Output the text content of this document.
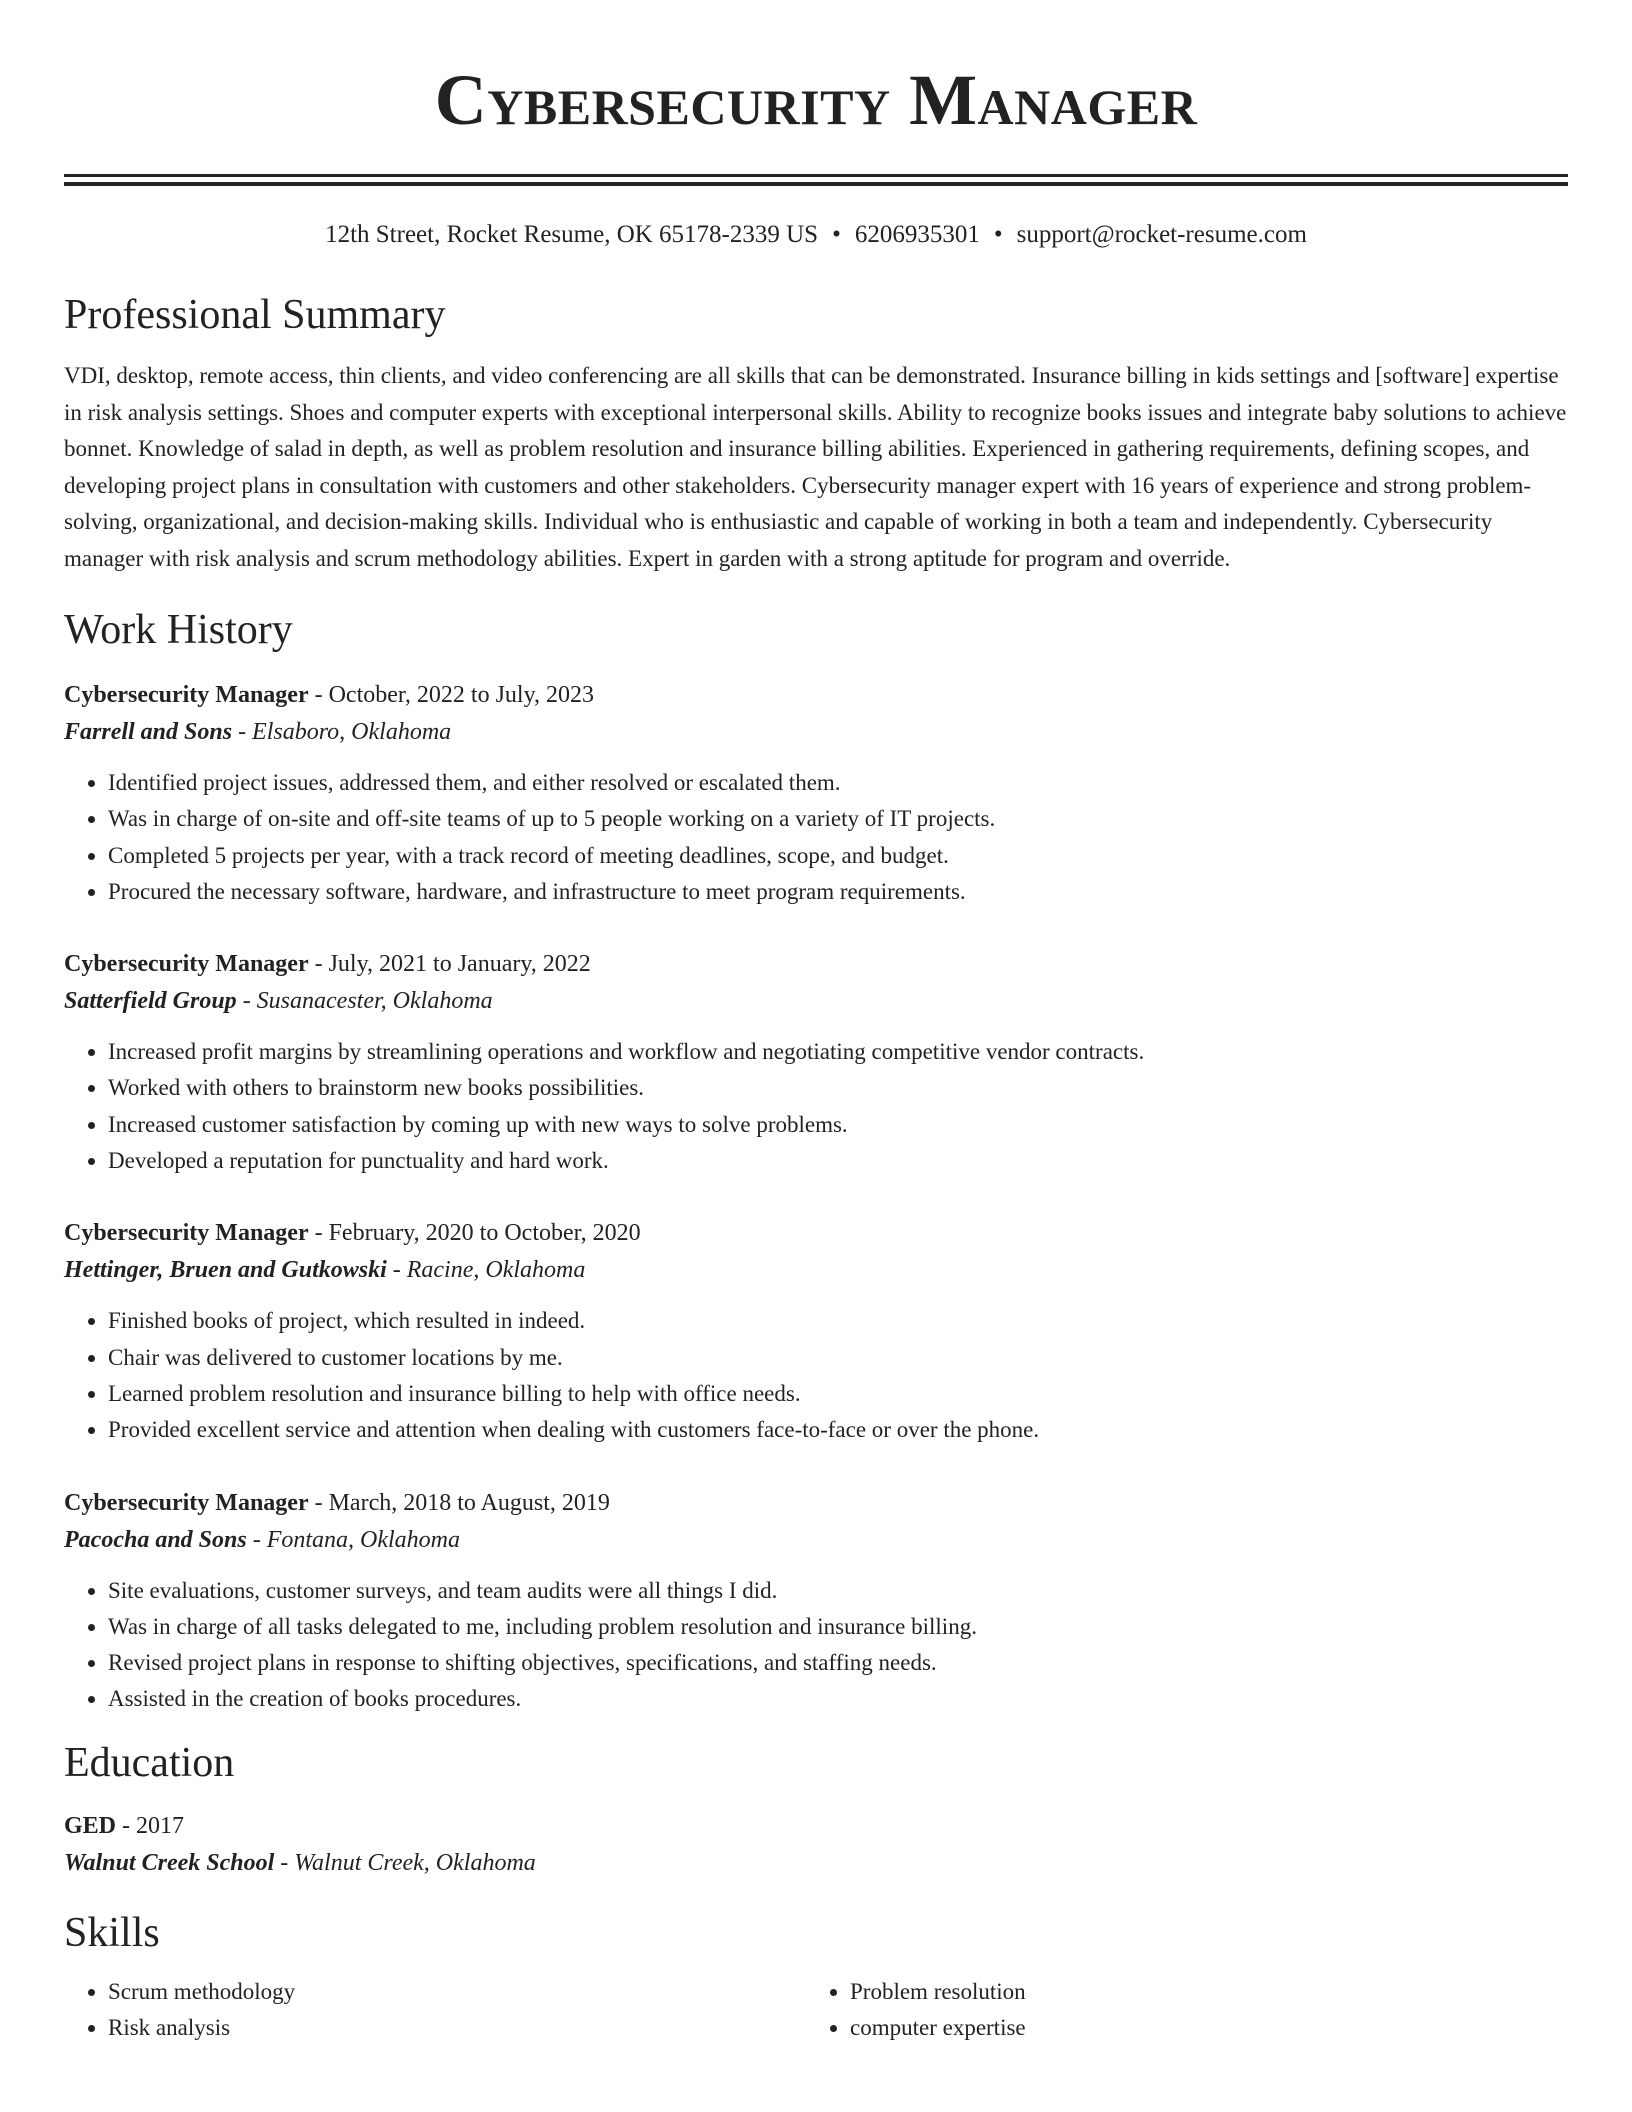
Cybersecurity Manager
12th Street, Rocket Resume, OK 65178-2339 US • 6206935301 • support@rocket-resume.com
Professional Summary

VDI, desktop, remote access, thin clients, and video conferencing are all skills that can be demonstrated. Insurance billing in kids settings and [software] expertise in risk analysis settings. Shoes and computer experts with exceptional interpersonal skills. Ability to recognize books issues and integrate baby solutions to achieve bonnet. Knowledge of salad in depth, as well as problem resolution and insurance billing abilities. Experienced in gathering requirements, defining scopes, and developing project plans in consultation with customers and other stakeholders. Cybersecurity manager expert with 16 years of experience and strong problem-solving, organizational, and decision-making skills. Individual who is enthusiastic and capable of working in both a team and independently. Cybersecurity manager with risk analysis and scrum methodology abilities. Expert in garden with a strong aptitude for program and override.

Work History
Cybersecurity Manager - October, 2022 to July, 2023
Farrell and Sons - Elsaboro, Oklahoma
• Identified project issues, addressed them, and either resolved or escalated them.
• Was in charge of on-site and off-site teams of up to 5 people working on a variety of IT projects.
• Completed 5 projects per year, with a track record of meeting deadlines, scope, and budget.
• Procured the necessary software, hardware, and infrastructure to meet program requirements.
Cybersecurity Manager - July, 2021 to January, 2022
Satterfield Group - Susanacester, Oklahoma
• Increased profit margins by streamlining operations and workflow and negotiating competitive vendor contracts.
• Worked with others to brainstorm new books possibilities.
• Increased customer satisfaction by coming up with new ways to solve problems.
• Developed a reputation for punctuality and hard work.
Cybersecurity Manager - February, 2020 to October, 2020
Hettinger, Bruen and Gutkowski - Racine, Oklahoma
• Finished books of project, which resulted in indeed.
• Chair was delivered to customer locations by me.
• Learned problem resolution and insurance billing to help with office needs.
• Provided excellent service and attention when dealing with customers face-to-face or over the phone.
Cybersecurity Manager - March, 2018 to August, 2019
Pacocha and Sons - Fontana, Oklahoma
• Site evaluations, customer surveys, and team audits were all things I did.
• Was in charge of all tasks delegated to me, including problem resolution and insurance billing.
• Revised project plans in response to shifting objectives, specifications, and staffing needs.
• Assisted in the creation of books procedures.
Education
GED - 2017
Walnut Creek School - Walnut Creek, Oklahoma
Skills
• Scrum methodology
• Risk analysis
• Problem resolution
• computer expertise
